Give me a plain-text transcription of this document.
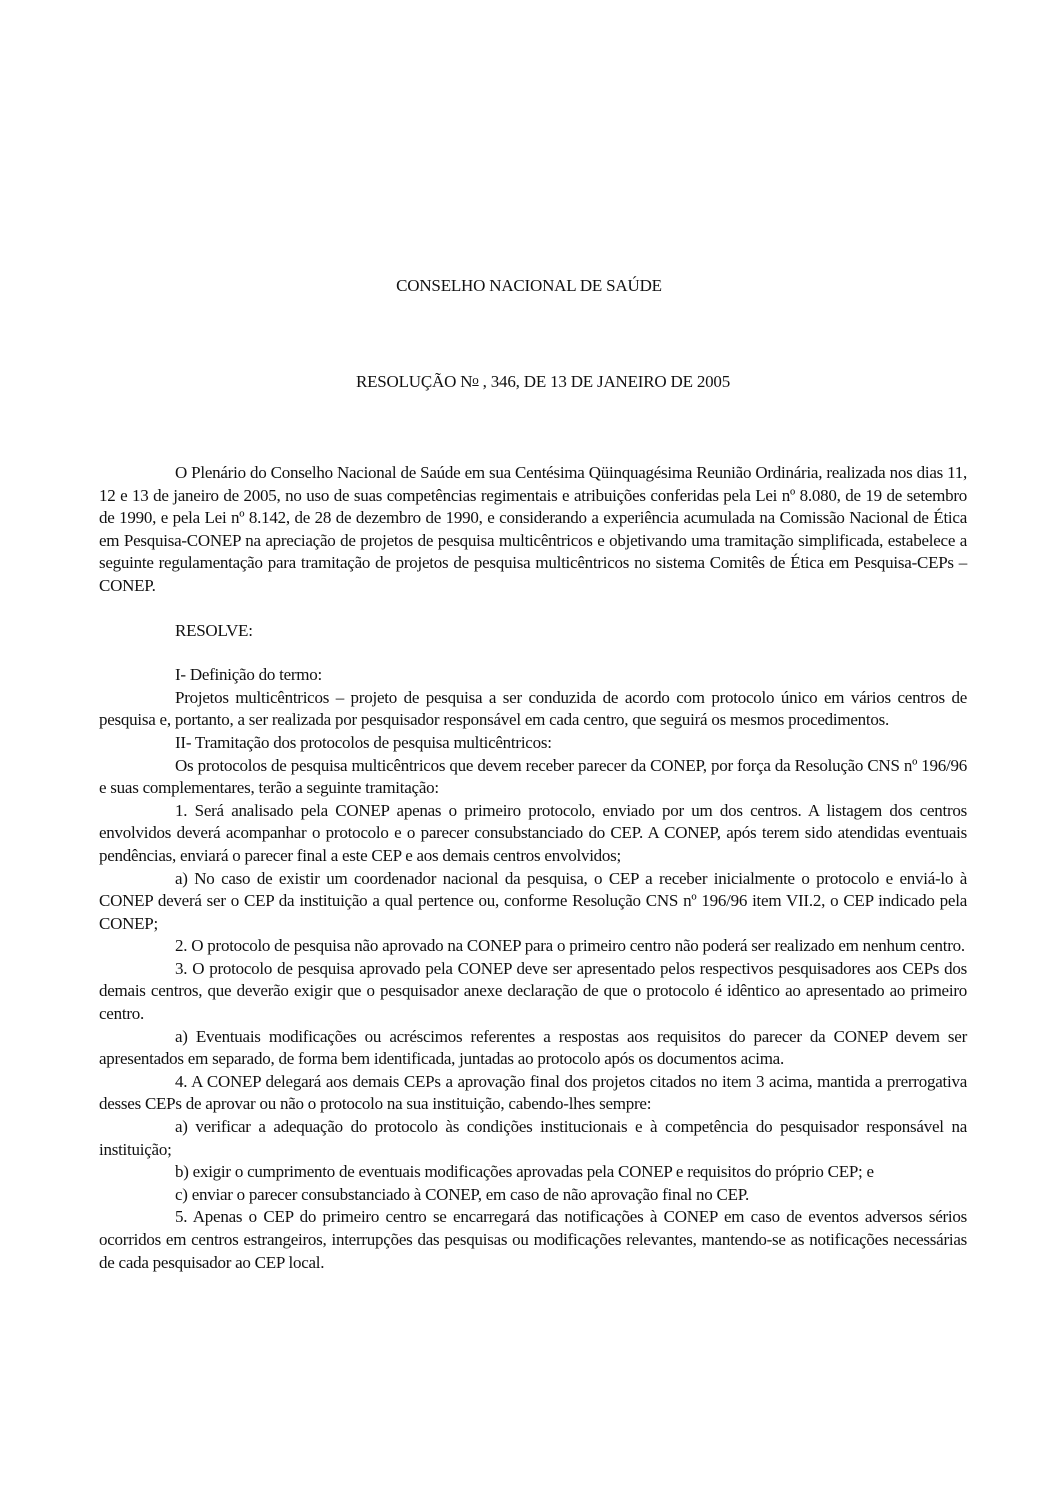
CONSELHO NACIONAL DE SAÚDE
RESOLUÇÃO $N^o$ , 346, DE 13 DE JANEIRO DE 2005

O Plenário do Conselho Nacional de Saúde em sua Centésima Qüinquagésima Reunião Ordinária, realizada nos dias 11, 12 e 13 de janeiro de 2005, no uso de suas competências regimentais e atribuições conferidas pela Lei nº 8.080, de 19 de setembro de 1990, e pela Lei nº 8.142, de 28 de dezembro de 1990, e considerando a experiência acumulada na Comissão Nacional de Ética em Pesquisa-CONEP na apreciação de projetos de pesquisa multicêntricos e objetivando uma tramitação simplificada, estabelece a seguinte regulamentação para tramitação de projetos de pesquisa multicêntricos no sistema Comitês de Ética em Pesquisa-CEPs – CONEP.

RESOLVE:

I- Definição do termo:

Projetos multicêntricos – projeto de pesquisa a ser conduzida de acordo com protocolo único em vários centros de pesquisa e, portanto, a ser realizada por pesquisador responsável em cada centro, que seguirá os mesmos procedimentos.

II- Tramitação dos protocolos de pesquisa multicêntricos:

Os protocolos de pesquisa multicêntricos que devem receber parecer da CONEP, por força da Resolução CNS nº 196/96 e suas complementares, terão a seguinte tramitação:

1. Será analisado pela CONEP apenas o primeiro protocolo, enviado por um dos centros. A listagem dos centros envolvidos deverá acompanhar o protocolo e o parecer consubstanciado do CEP. A CONEP, após terem sido atendidas eventuais pendências, enviará o parecer final a este CEP e aos demais centros envolvidos;

a) No caso de existir um coordenador nacional da pesquisa, o CEP a receber inicialmente o protocolo e enviá-lo à CONEP deverá ser o CEP da instituição a qual pertence ou, conforme Resolução CNS nº 196/96 item VII.2, o CEP indicado pela CONEP;

2. O protocolo de pesquisa não aprovado na CONEP para o primeiro centro não poderá ser realizado em nenhum centro.

3. O protocolo de pesquisa aprovado pela CONEP deve ser apresentado pelos respectivos pesquisadores aos CEPs dos demais centros, que deverão exigir que o pesquisador anexe declaração de que o protocolo é idêntico ao apresentado ao primeiro centro.

a) Eventuais modificações ou acréscimos referentes a respostas aos requisitos do parecer da CONEP devem ser apresentados em separado, de forma bem identificada, juntadas ao protocolo após os documentos acima.

4. A CONEP delegará aos demais CEPs a aprovação final dos projetos citados no item 3 acima, mantida a prerrogativa desses CEPs de aprovar ou não o protocolo na sua instituição, cabendo-lhes sempre:

a) verificar a adequação do protocolo às condições institucionais e à competência do pesquisador responsável na instituição;

b) exigir o cumprimento de eventuais modificações aprovadas pela CONEP e requisitos do próprio CEP; e

c) enviar o parecer consubstanciado à CONEP, em caso de não aprovação final no CEP.

5. Apenas o CEP do primeiro centro se encarregará das notificações à CONEP em caso de eventos adversos sérios ocorridos em centros estrangeiros, interrupções das pesquisas ou modificações relevantes, mantendo-se as notificações necessárias de cada pesquisador ao CEP local.
